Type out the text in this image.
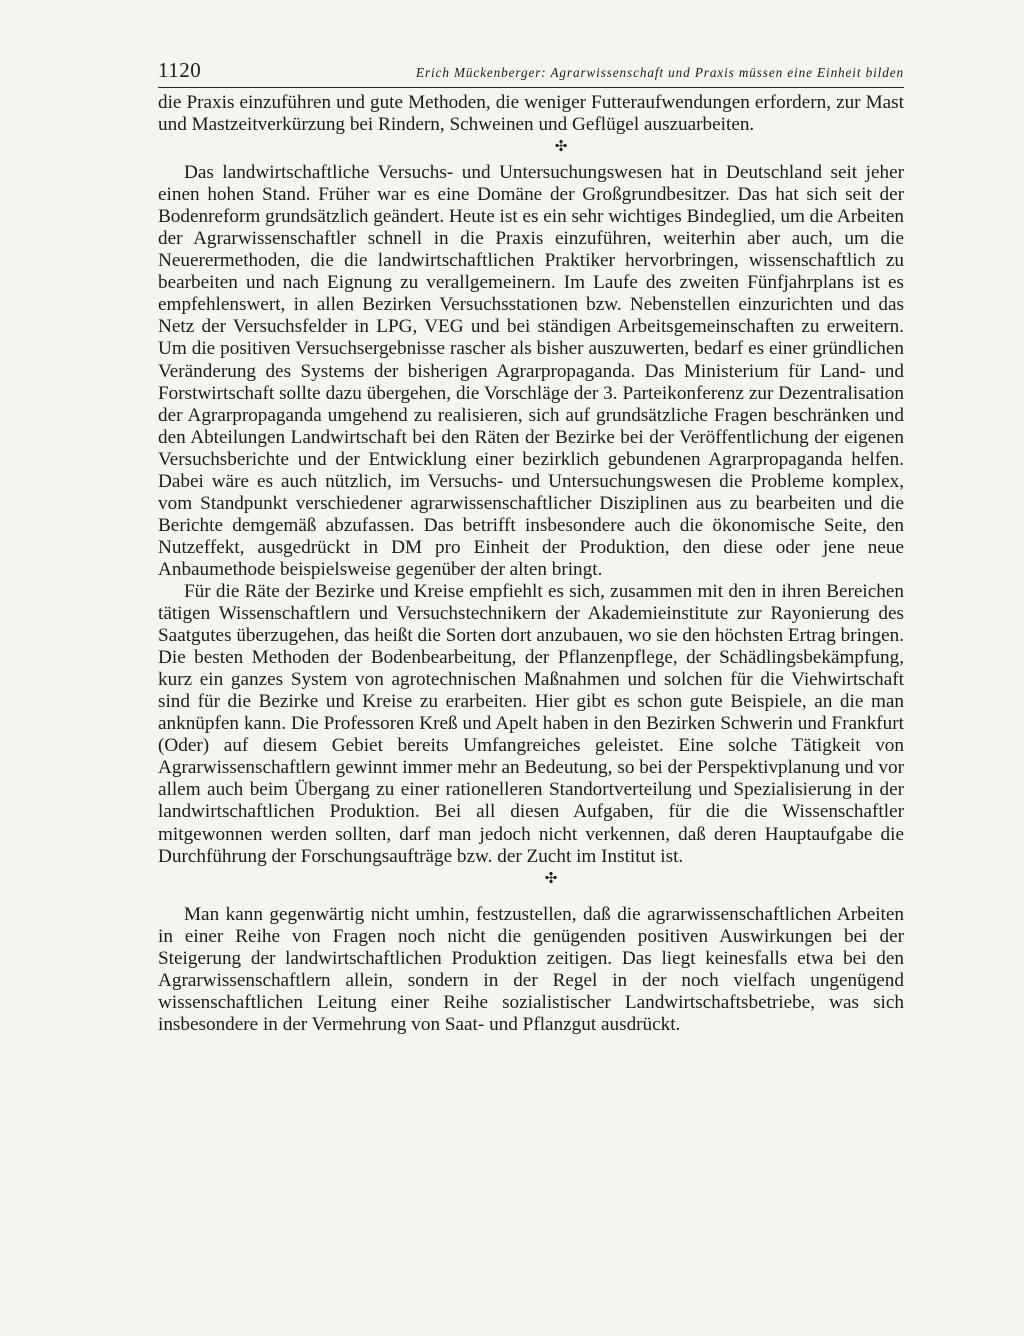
1120	Erich Mückenberger: Agrarwissenschaft und Praxis müssen eine Einheit bilden

die Praxis einzuführen und gute Methoden, die weniger Futteraufwendungen erfordern, zur Mast und Mastzeitverkürzung bei Rindern, Schweinen und Geflügel auszuarbeiten.

✣

Das landwirtschaftliche Versuchs- und Untersuchungswesen hat in Deutschland seit jeher einen hohen Stand. Früher war es eine Domäne der Großgrundbesitzer. Das hat sich seit der Bodenreform grundsätzlich geändert. Heute ist es ein sehr wichtiges Bindeglied, um die Arbeiten der Agrarwissenschaftler schnell in die Praxis einzuführen, weiterhin aber auch, um die Neuerermethoden, die die landwirtschaftlichen Praktiker hervorbringen, wissenschaftlich zu bearbeiten und nach Eignung zu verallgemeinern. Im Laufe des zweiten Fünfjahrplans ist es empfehlenswert, in allen Bezirken Versuchsstationen bzw. Nebenstellen einzurichten und das Netz der Versuchsfelder in LPG, VEG und bei ständigen Arbeitsgemeinschaften zu erweitern. Um die positiven Versuchsergebnisse rascher als bisher auszuwerten, bedarf es einer gründlichen Veränderung des Systems der bisherigen Agrarpropaganda. Das Ministerium für Land- und Forstwirtschaft sollte dazu übergehen, die Vorschläge der 3. Parteikonferenz zur Dezentralisation der Agrarpropaganda umgehend zu realisieren, sich auf grundsätzliche Fragen beschränken und den Abteilungen Landwirtschaft bei den Räten der Bezirke bei der Veröffentlichung der eigenen Versuchsberichte und der Entwicklung einer bezirklich gebundenen Agrarpropaganda helfen. Dabei wäre es auch nützlich, im Versuchs- und Untersuchungswesen die Probleme komplex, vom Standpunkt verschiedener agrarwissenschaftlicher Disziplinen aus zu bearbeiten und die Berichte demgemäß abzufassen. Das betrifft insbesondere auch die ökonomische Seite, den Nutzeffekt, ausgedrückt in DM pro Einheit der Produktion, den diese oder jene neue Anbaumethode beispielsweise gegenüber der alten bringt.

Für die Räte der Bezirke und Kreise empfiehlt es sich, zusammen mit den in ihren Bereichen tätigen Wissenschaftlern und Versuchstechnikern der Akademieinstitute zur Rayonierung des Saatgutes überzugehen, das heißt die Sorten dort anzubauen, wo sie den höchsten Ertrag bringen. Die besten Methoden der Bodenbearbeitung, der Pflanzenpflege, der Schädlingsbekämpfung, kurz ein ganzes System von agrotechnischen Maßnahmen und solchen für die Viehwirtschaft sind für die Bezirke und Kreise zu erarbeiten. Hier gibt es schon gute Beispiele, an die man anknüpfen kann. Die Professoren Kreß und Apelt haben in den Bezirken Schwerin und Frankfurt (Oder) auf diesem Gebiet bereits Umfangreiches geleistet. Eine solche Tätigkeit von Agrarwissenschaftlern gewinnt immer mehr an Bedeutung, so bei der Perspektivplanung und vor allem auch beim Übergang zu einer rationelleren Standortverteilung und Spezialisierung in der landwirtschaftlichen Produktion. Bei all diesen Aufgaben, für die die Wissenschaftler mitgewonnen werden sollten, darf man jedoch nicht verkennen, daß deren Hauptaufgabe die Durchführung der Forschungsaufträge bzw. der Zucht im Institut ist.

✣

Man kann gegenwärtig nicht umhin, festzustellen, daß die agrarwissenschaftlichen Arbeiten in einer Reihe von Fragen noch nicht die genügenden positiven Auswirkungen bei der Steigerung der landwirtschaftlichen Produktion zeitigen. Das liegt keinesfalls etwa bei den Agrarwissenschaftlern allein, sondern in der Regel in der noch vielfach ungenügend wissenschaftlichen Leitung einer Reihe sozialistischer Landwirtschaftsbetriebe, was sich insbesondere in der Vermehrung von Saat- und Pflanzgut ausdrückt.
